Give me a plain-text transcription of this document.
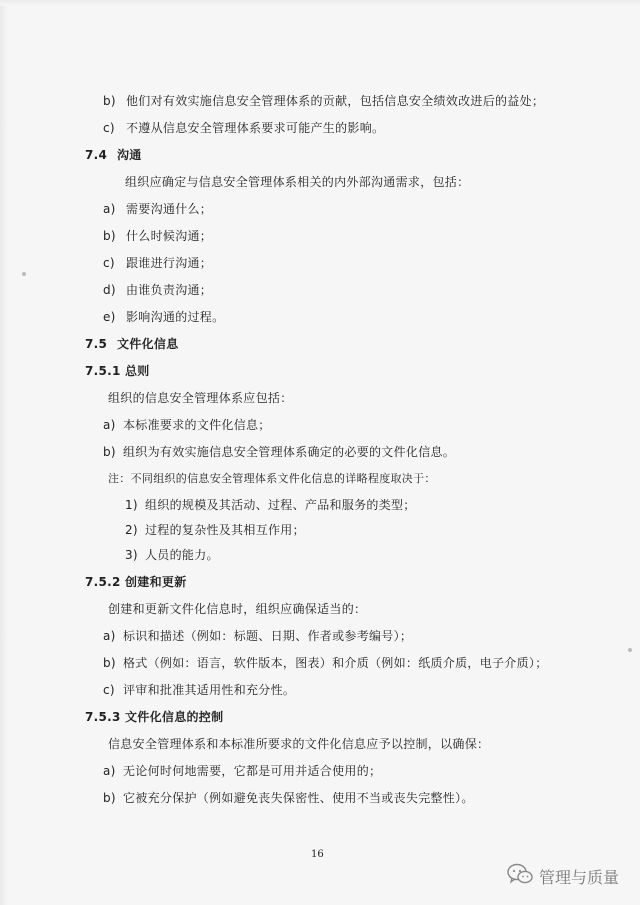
b) 他们对有效实施信息安全管理体系的贡献，包括信息安全绩效改进后的益处；
c) 不遵从信息安全管理体系要求可能产生的影响。
7.4 沟通
组织应确定与信息安全管理体系相关的内外部沟通需求，包括：
a) 需要沟通什么；
b) 什么时候沟通；
c) 跟谁进行沟通；
d) 由谁负责沟通；
e) 影响沟通的过程。
7.5 文件化信息
7.5.1 总则
组织的信息安全管理体系应包括：
a) 本标准要求的文件化信息；
b) 组织为有效实施信息安全管理体系确定的必要的文件化信息。
注：不同组织的信息安全管理体系文件化信息的详略程度取决于：
1) 组织的规模及其活动、过程、产品和服务的类型；
2) 过程的复杂性及其相互作用；
3) 人员的能力。
7.5.2 创建和更新
创建和更新文件化信息时，组织应确保适当的：
a) 标识和描述（例如：标题、日期、作者或参考编号）；
b) 格式（例如：语言，软件版本，图表）和介质（例如：纸质介质，电子介质）；
c) 评审和批准其适用性和充分性。
7.5.3 文件化信息的控制
信息安全管理体系和本标准所要求的文件化信息应予以控制，以确保：
a) 无论何时何地需要，它都是可用并适合使用的；
b) 它被充分保护（例如避免丧失保密性、使用不当或丧失完整性）。
16
管理与质量
